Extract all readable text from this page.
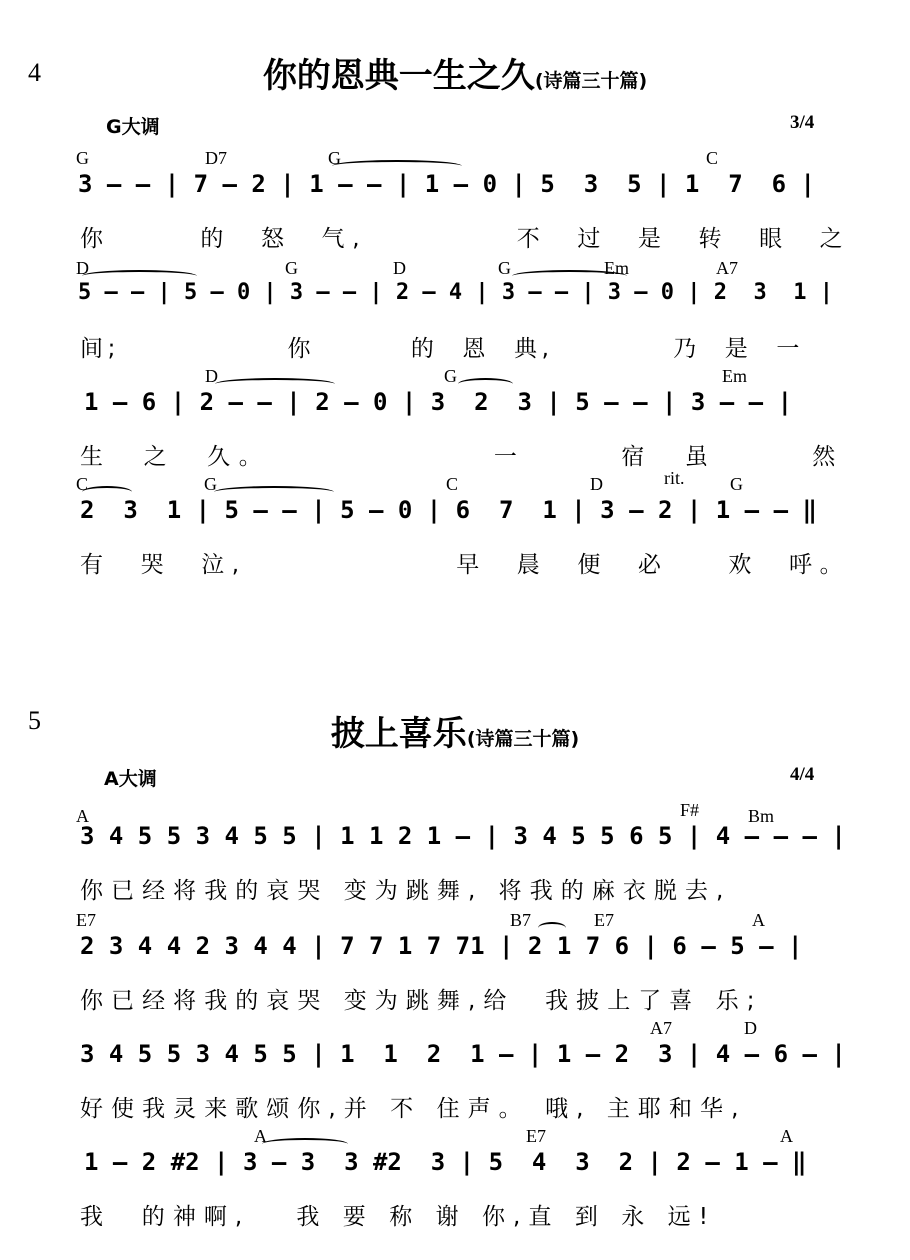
4	你的恩典一生之久(诗篇三十篇)
G大调	3/4
G	D7	G	C
3 — — | 7 — 2 | 1 — — | 1 — 0 | 5  3  5 | 1  7  6 |
你      的  怒  气,          不  过  是  转  眼  之
D	G	D	G	Em	A7
5 — — | 5 — 0 | 3 — — | 2 — 4 | 3 — — | 3 — 0 | 2  3  1 |
间;              你        的  恩  典,          乃  是  一
D	G	Em
1 — 6 | 2 — — | 2 — 0 | 3  2  3 | 5 — — | 3 — — |
生  之  久。              一      宿  虽      然
C	G	C	D	rit.	G
2  3  1 | 5 — — | 5 — 0 | 6  7  1 | 3 — 2 | 1 — — ‖
有  哭  泣,              早  晨  便  必    欢  呼。
5	披上喜乐(诗篇三十篇)
A大调	4/4
A	F#	Bm
3 4 5 5 3 4 5 5 | 1 1 2 1 — | 3 4 5 5 6 5 | 4 — — — |
你已经将我的哀哭 变为跳舞, 将我的麻衣脱去,
E7	B7	E7	A
2 3 4 4 2 3 4 4 | 7 7 1 7 71 | 2 1 7 6 | 6 — 5 — |
你已经将我的哀哭 变为跳舞,给  我披上了喜 乐;
A7	D
3 4 5 5 3 4 5 5 | 1  1  2  1 — | 1 — 2  3 | 4 — 6 — |
好使我灵来歌颂你,并 不 住声。 哦, 主耶和华,
A	E7	A
1 — 2 #2 | 3 — 3  3 #2  3 | 5  4  3  2 | 2 — 1 — ‖
我  的神啊,   我 要 称 谢 你,直 到 永 远!
